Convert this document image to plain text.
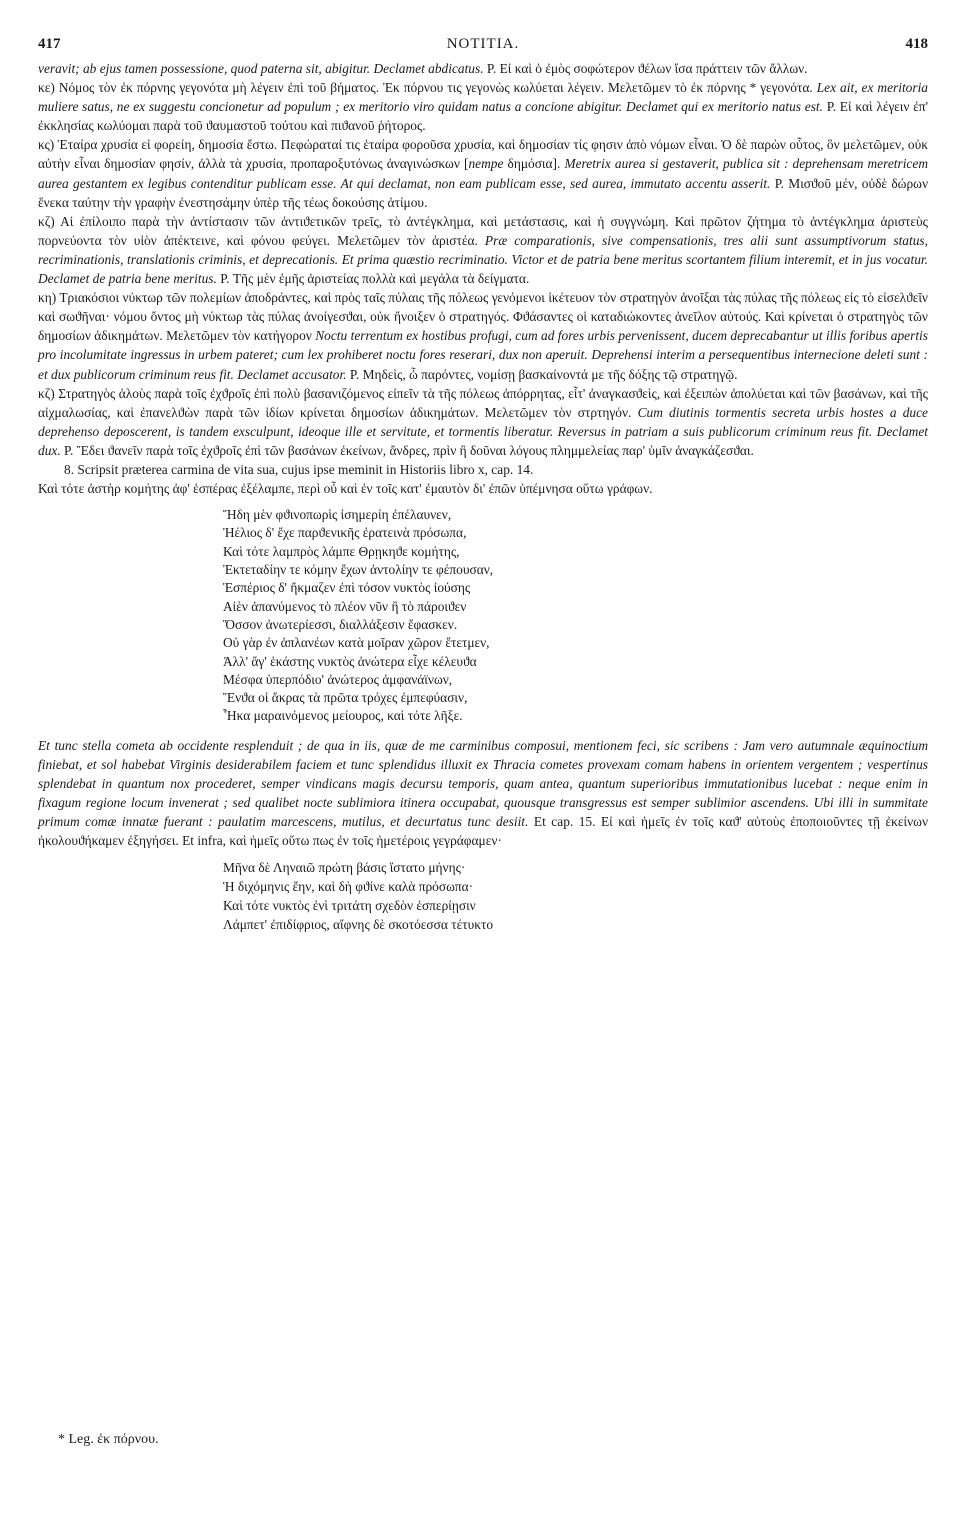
417	NOTITIA.	418

veravit; ab ejus tamen possessione, quod paterna sit, abigitur. Declamet abdicatus. P. Εἰ καὶ ὁ ἐμὸς σοφώτερον ϑέλων ἴσα πράττειν τῶν ἄλλων.

κε) Νόμος τὸν ἐκ πόρνης γεγονότα μὴ λέγειν ἐπὶ τοῦ βήματος. Ἐκ πόρνου τις γεγονὼς κωλύεται λέγειν. Μελετῶμεν τὸ ἐκ πόρνης * γεγονότα. Lex ait, ex meritoria muliere satus, ne ex suggestu concionetur ad populum ; ex meritorio viro quidam natus a concione abigitur. Declamet qui ex meritorio natus est. P. Εἰ καὶ λέγειν ἐπ' ἐκκλησίας κωλύομαι παρὰ τοῦ ϑαυμαστοῦ τούτου καὶ πιϑανοῦ ῥήτορος.

κς) Ἑταίρα χρυσία εἰ φορείη, δημοσία ἔστω. Πεφώραταί τις ἑταίρα φοροῦσα χρυσία, καὶ δημοσίαν τίς φησιν ἀπὸ νόμων εἶναι. Ὁ δὲ παρὼν οὗτος, ὃν μελετῶμεν, οὐκ αὐτὴν εἶναι δημοσίαν φησίν, ἀλλὰ τὰ χρυσία, προπαροξυτόνως ἀναγινώσκων [nempe δημόσια]. Meretrix aurea si gestaverit, publica sit : deprehensam meretricem aurea gestantem ex legibus contenditur publicam esse. At qui declamat, non eam publicam esse, sed aurea, immutato accentu asserit. P. Μισϑοῦ μέν, οὐδὲ δώρων ἕνεκα ταύτην τὴν γραφὴν ἐνεστησάμην ὑπὲρ τῆς τέως δοκούσης ἀτίμου.

κζ) Αἱ ἐπίλοιπο παρὰ τὴν ἀντίστασιν τῶν ἀντιϑετικῶν τρεῖς, τὸ ἀντέγκλημα, καὶ μετάστασις, καὶ ἡ συγγνώμη. Καὶ πρῶτον ζήτημα τὸ ἀντέγκλημα ἀριστεὺς πορνεύοντα τὸν υἱὸν ἀπέκτεινε, καὶ φόνου φεύγει. Μελετῶμεν τὸν ἀριστέα. Præ comparationis, sive compensationis, tres alii sunt assumptivorum status, recriminationis, translationis criminis, et deprecationis. Et prima quæstio recriminatio. Victor et de patria bene meritus scortantem filium interemit, et in jus vocatur. Declamet de patria bene meritus. P. Τῆς μὲν ἐμῆς ἀριστείας πολλὰ καὶ μεγάλα τὰ δείγματα.

κη) Τριακόσιοι νύκτωρ τῶν πολεμίων ἀποδράντες, καὶ πρὸς ταῖς πύλαις τῆς πόλεως γενόμενοι ἱκέτευον τὸν στρατηγὸν ἀνοῖξαι τὰς πύλας τῆς πόλεως εἰς τὸ εἰσελϑεῖν καὶ σωϑῆναι· νόμου ὄντος μὴ νύκτωρ τὰς πύλας ἀνοίγεσϑαι, οὐκ ἤνοιξεν ὁ στρατηγός. Φϑάσαντες οἱ καταδιώκοντες ἀνεῖλον αὐτούς. Καὶ κρίνεται ὁ στρατηγὸς τῶν δημοσίων ἀδικημάτων. Μελετῶμεν τὸν κατήγορον Noctu terrentum ex hostibus profugi, cum ad fores urbis pervenissent, ducem deprecabantur ut illis foribus apertis pro incolumitate ingressus in urbem pateret; cum lex prohiberet noctu fores reserari, dux non aperuit. Deprehensi interim a persequentibus internecione deleti sunt : et dux publicorum criminum reus fit. Declamet accusator. P. Μηδεὶς, ὦ παρόντες, νομίσῃ βασκαίνοντά με τῆς δόξης τῷ στρατηγῷ.

κζ) Στρατηγὸς ἁλοὺς παρὰ τοῖς ἐχϑροῖς ἐπὶ πολὺ βασανιζόμενος εἰπεῖν τὰ τῆς πόλεως ἀπόρρητας, εἶτ' ἀναγκασϑεὶς, καὶ ἐξειπὼν ἀπολύεται καὶ τῶν βασάνων, καὶ τῆς αἰχμαλωσίας, καὶ ἐπανελϑὼν παρὰ τῶν ἰδίων κρίνεται δημοσίων ἀδικημάτων. Μελετῶμεν τὸν στρτηγόν. Cum diutinis tormentis secreta urbis hostes a duce deprehenso deposcerent, is tandem exsculpunt, ideoque ille et servitute, et tormentis liberatur. Reversus in patriam a suis publicorum criminum reus fit. Declamet dux. P. Ἔδει ϑανεῖν παρὰ τοῖς ἐχϑροῖς ἐπὶ τῶν βασάνων ἐκείνων, ἄνδρες, πρὶν ἢ δοῦναι λόγους πλημμελείας παρ' ὑμῖν ἀναγκάζεσϑαι.

8. Scripsit præterea carmina de vita sua, cujus ipse meminit in Historiis libro x, cap. 14.

Καὶ τότε ἀστὴρ κομήτης ἀφ' ἑσπέρας ἐξέλαμπε, περὶ οὗ καὶ ἐν τοῖς κατ' ἐμαυτὸν δι' ἐπῶν ὑπέμνησα οὕτω γράφων.

Ἤδη μὲν φϑινοπωρὶς ἰσημερίη ἐπέλαυνεν,
Ἠέλιος δ' ἔχε παρϑενικῆς ἐρατεινὰ πρόσωπα,
Καὶ τότε λαμπρὸς λάμπε Θρῃκηϑε κομήτης,
Ἐκτεταδίην τε κόμην ἔχων ἀντολίην τε φέπουσαν,
Ἑσπέριος δ' ἤκμαζεν ἐπὶ τόσον νυκτὸς ἰούσης
Αἰὲν ἀπανύμενος τὸ πλέον νῦν ἢ τὸ πάροιϑεν
Ὅσσον ἀνωτερίεσσι, διαλλάξεσιν ἔφασκεν.
Οὐ γὰρ ἐν ἀπλανέων κατὰ μοῖραν χῶρον ἔτετμεν,
Ἀλλ' ἄγ' ἑκάστης νυκτὸς ἀνώτερα εἶχε κέλευϑα
Μέσφα ὑπερπόδιο' ἀνώτερος ἀμφανάϊνων,
Ἔνϑα οἱ ἄκρας τὰ πρῶτα τρόχες ἐμπεφύασιν,
Ἦκα μαραινόμενος μείουρος, καὶ τότε λῆξε.

Et tunc stella cometa ab occidente resplenduit ; de qua in iis, quæ de me carminibus composui, mentionem feci, sic scribens : Jam vero autumnale æquinoctium finiebat, et sol habebat Virginis desiderabilem faciem et tunc splendidus illuxit ex Thracia cometes provexam comam habens in orientem vergentem ; vespertinus splendebat in quantum nox procederet, semper vindicans magis decursu temporis, quam antea, quantum superioribus immutationibus lucebat : neque enim in fixagum regione locum invenerat ; sed qualibet nocte sublimiora itinera occupabat, quousque transgressus est semper sublimior ascendens. Ubi illi in summitate primum comæ innatæ fuerant : paulatim marcescens, mutilus, et decurtatus tunc desiit. Et cap. 15. Εἰ καὶ ἡμεῖς ἐν τοῖς καϑ' αὐτοὺς ἐποποιοῦντες τῇ ἐκείνων ἠκολουϑήκαμεν ἐξηγήσει. Et infra, καὶ ἡμεῖς οὕτω πως ἐν τοῖς ἡμετέροις γεγράφαμεν·

Μῆνα δὲ Ληναιῶ πρώτη βάσις ἵστατο μήνης·
Ἡ διχόμηνις ἔην, καὶ δὴ φϑίνε καλὰ πρόσωπα·
Καὶ τότε νυκτὸς ἐνὶ τριτάτη σχεδὸν ἑσπερίῃσιν
Λάμπετ' ἐπιδίφριος, αἴφνης δὲ σκοτόεσσα τέτυκτο
* Leg. ἐκ πόρνου.
